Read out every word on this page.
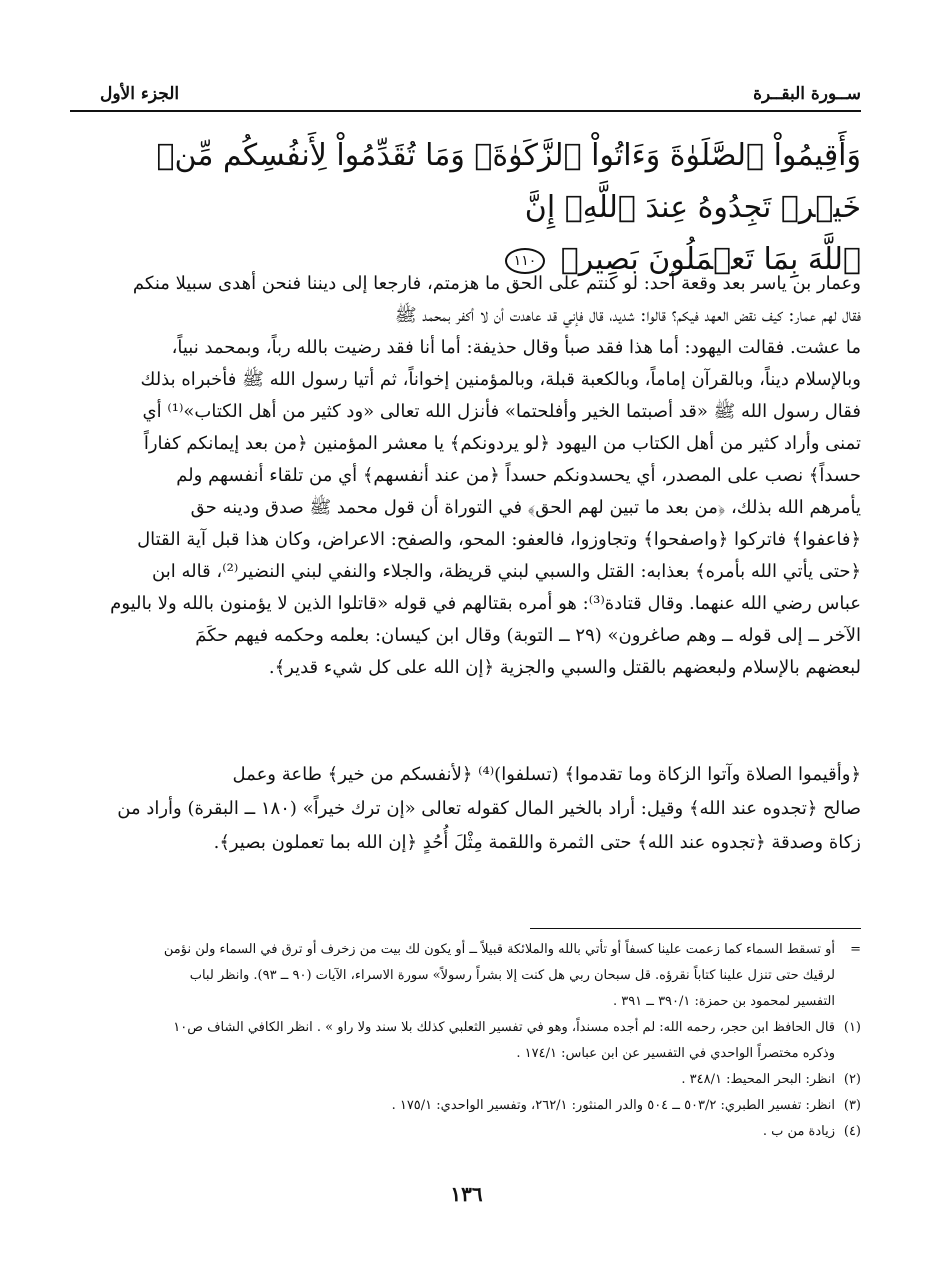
ســورة البقــرة
الجزء الأول
وَأَقِيمُواْ ٱلصَّلَوٰةَ وَءَاتُواْ ٱلزَّكَوٰةَۚ وَمَا تُقَدِّمُواْ لِأَنفُسِكُم مِّنۡ خَيۡرٖ تَجِدُوهُ عِندَ ٱللَّهِۗ إِنَّ
ٱللَّهَ بِمَا تَعۡمَلُونَ بَصِيرٞ ١١٠
وعمار بن ياسر بعد وقعة أحد: لو كنتم على الحق ما هزمتم، فارجعا إلى ديننا فنحن أهدى سبيلا منكم
فقال لهم عمار: كيف نقض العهد فيكم؟ قالوا: شديد، قال فإني قد عاهدت أن لا أكفر بمحمد ﷺ
ما عشت. فقالت اليهود: أما هذا فقد صبأ وقال حذيفة: أما أنا فقد رضيت بالله رباً، وبمحمد نبياً،
وبالإسلام ديناً، وبالقرآن إماماً، وبالكعبة قبلة، وبالمؤمنين إخواناً، ثم أتيا رسول الله ﷺ فأخبراه بذلك
فقال رسول الله ﷺ «قد أصبتما الخير وأفلحتما» فأنزل الله تعالى «ود كثير من أهل الكتاب»⁽¹⁾ أي
تمنى وأراد كثير من أهل الكتاب من اليهود ﴿لو يردونكم﴾ يا معشر المؤمنين ﴿من بعد إيمانكم كفاراً
حسداً﴾ نصب على المصدر، أي يحسدونكم حسداً ﴿من عند أنفسهم﴾ أي من تلقاء أنفسهم ولم
يأمرهم الله بذلك، ﴿من بعد ما تبين لهم الحق﴾ في التوراة أن قول محمد ﷺ صدق ودينه حق
﴿فاعفوا﴾ فاتركوا ﴿واصفحوا﴾ وتجاوزوا، فالعفو: المحو، والصفح: الاعراض، وكان هذا قبل آية القتال
﴿حتى يأتي الله بأمره﴾ بعذابه: القتل والسبي لبني قريظة، والجلاء والنفي لبني النضير⁽²⁾، قاله ابن
عباس رضي الله عنهما. وقال قتادة⁽³⁾: هو أمره بقتالهم في قوله «قاتلوا الذين لا يؤمنون بالله ولا باليوم
الآخر ــ إلى قوله ــ وهم صاغرون» (٢٩ ــ التوبة) وقال ابن كيسان: بعلمه وحكمه فيهم حكَمَ
لبعضهم بالإسلام ولبعضهم بالقتل والسبي والجزية ﴿إن الله على كل شيء قدير﴾.
﴿وأقيموا الصلاة وآتوا الزكاة وما تقدموا﴾ (تسلفوا)⁽⁴⁾ ﴿لأنفسكم من خير﴾ طاعة وعمل
صالح ﴿تجدوه عند الله﴾ وقيل: أراد بالخير المال كقوله تعالى «إن ترك خيراً» (١٨٠ ــ البقرة) وأراد من
زكاة وصدقة ﴿تجدوه عند الله﴾ حتى الثمرة واللقمة مِثْلَ أُحُدٍ ﴿إن الله بما تعملون بصير﴾.
=أو تسقط السماء كما زعمت علينا كسفاً أو تأتي بالله والملائكة قبيلاً ــ أو يكون لك بيت من زخرف أو ترق في السماء ولن نؤمن
لرقيك حتى تنزل علينا كتاباً نقرؤه. قل سبحان ربي هل كنت إلا بشراً رسولاً» سورة الاسراء، الآيات (٩٠ ــ ٩٣). وانظر لباب
التفسير لمحمود بن حمزة: ٣٩٠/١ ــ ٣٩١ .
(١)قال الحافظ ابن حجر، رحمه الله: لم أجده مسنداً، وهو في تفسير الثعلبي كذلك بلا سند ولا راو » . انظر الكافي الشاف ص١٠
وذكره مختصراً الواحدي في التفسير عن ابن عباس: ١٧٤/١ .
(٢)انظر: البحر المحيط: ٣٤٨/١ .
(٣)انظر: تفسير الطبري: ٥٠٣/٢ ــ ٥٠٤ والدر المنثور: ٢٦٢/١، وتفسير الواحدي: ١٧٥/١ .
(٤)زيادة من ب .
١٣٦
